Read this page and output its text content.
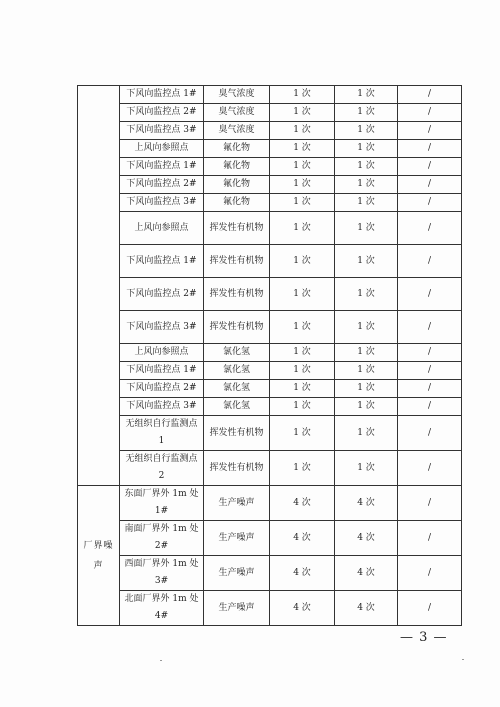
	下风向监控点 1#	臭气浓度	1 次	1 次	/
	下风向监控点 2#	臭气浓度	1 次	1 次	/
	下风向监控点 3#	臭气浓度	1 次	1 次	/
	上风向参照点	氟化物	1 次	1 次	/
	下风向监控点 1#	氟化物	1 次	1 次	/
	下风向监控点 2#	氟化物	1 次	1 次	/
	下风向监控点 3#	氟化物	1 次	1 次	/
	上风向参照点	挥发性有机物	1 次	1 次	/
	下风向监控点 1#	挥发性有机物	1 次	1 次	/
	下风向监控点 2#	挥发性有机物	1 次	1 次	/
	下风向监控点 3#	挥发性有机物	1 次	1 次	/
	上风向参照点	氯化氢	1 次	1 次	/
	下风向监控点 1#	氯化氢	1 次	1 次	/
	下风向监控点 2#	氯化氢	1 次	1 次	/
	下风向监控点 3#	氯化氢	1 次	1 次	/
	无组织自行监测点 1	挥发性有机物	1 次	1 次	/
	无组织自行监测点 2	挥发性有机物	1 次	1 次	/
厂界噪声	东面厂界外 1m 处 1#	生产噪声	4 次	4 次	/
	南面厂界外 1m 处 2#	生产噪声	4 次	4 次	/
	西面厂界外 1m 处 3#	生产噪声	4 次	4 次	/
	北面厂界外 1m 处 4#	生产噪声	4 次	4 次	/
— 3 —
